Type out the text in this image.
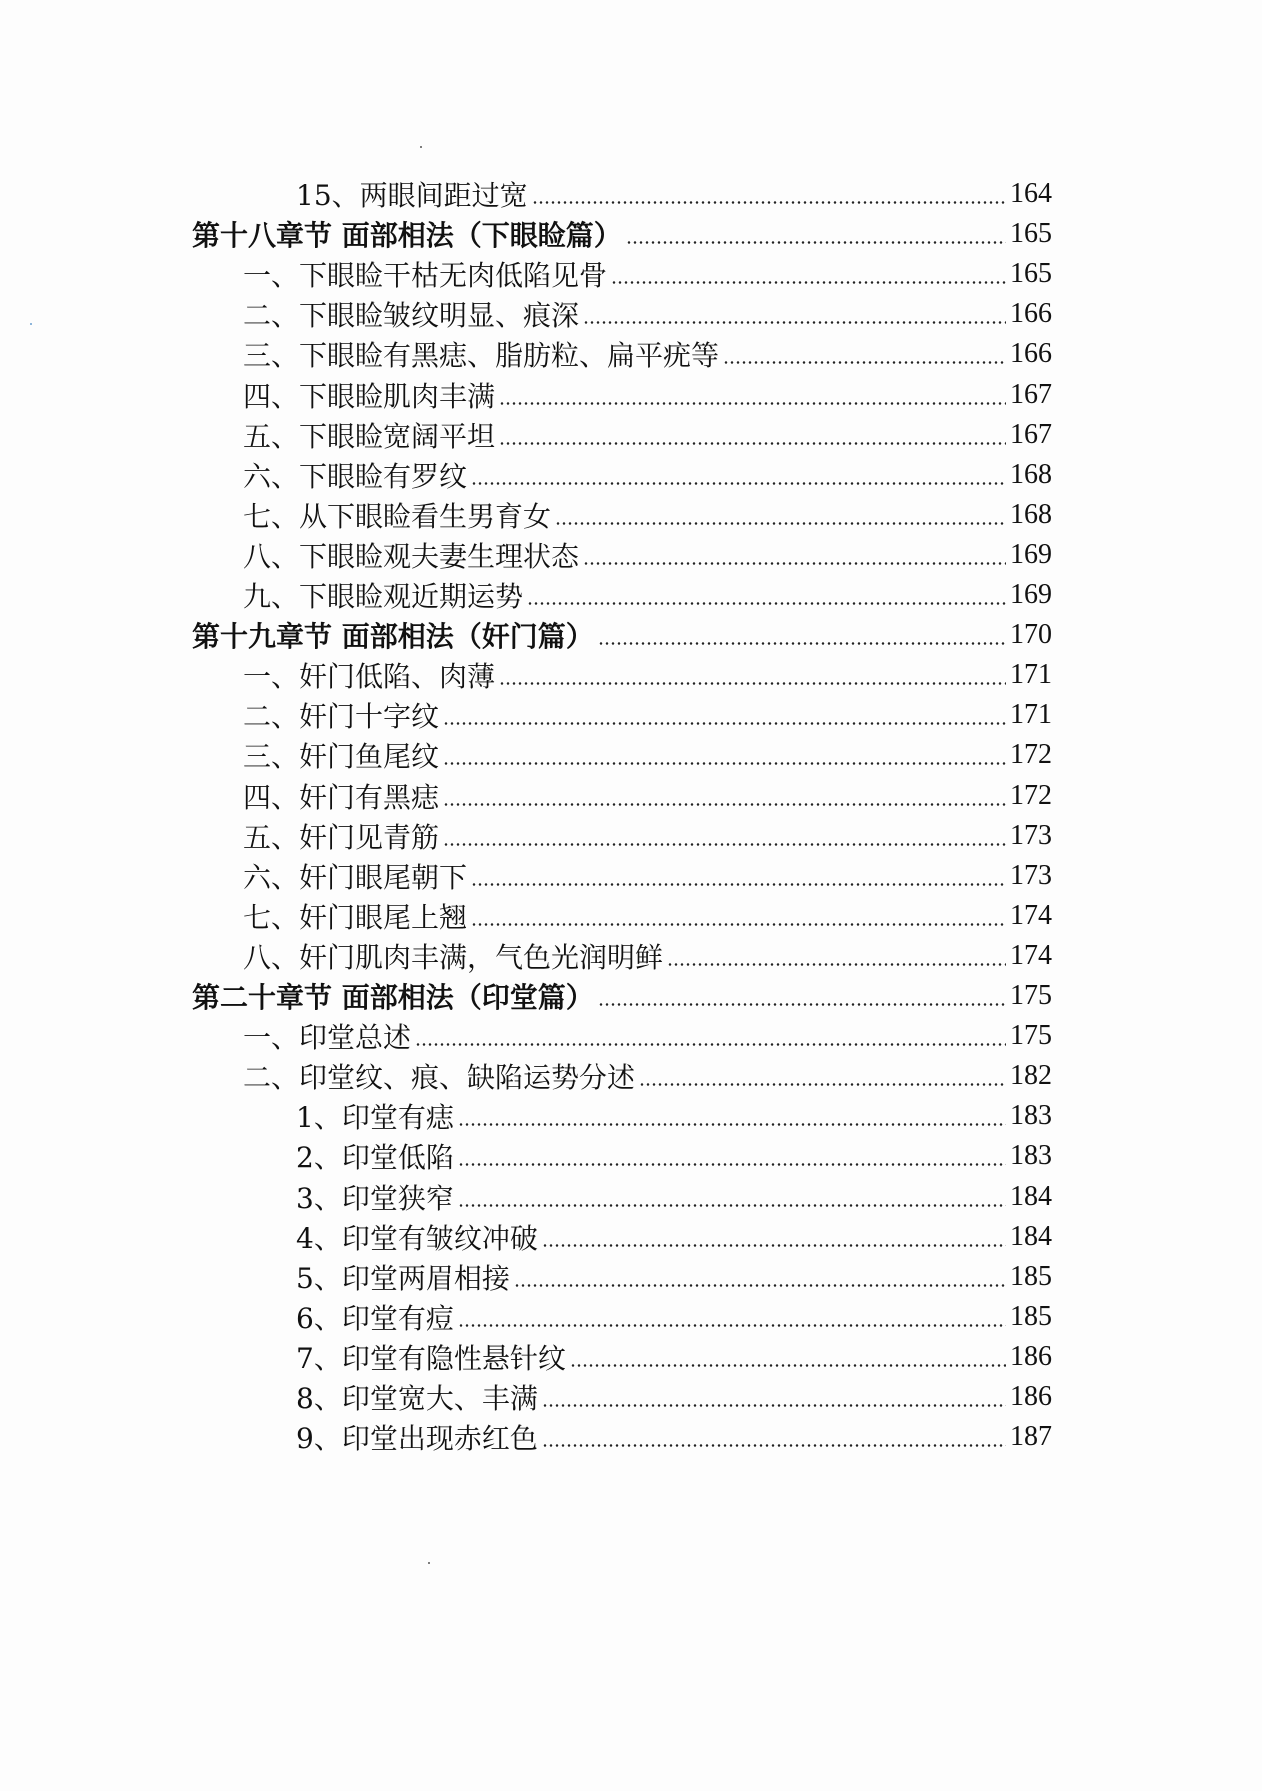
15、两眼间距过宽	164
第十八章节 面部相法（下眼睑篇）	165
一、下眼睑干枯无肉低陷见骨	165
二、下眼睑皱纹明显、痕深	166
三、下眼睑有黑痣、脂肪粒、扁平疣等	166
四、下眼睑肌肉丰满	167
五、下眼睑宽阔平坦	167
六、下眼睑有罗纹	168
七、从下眼睑看生男育女	168
八、下眼睑观夫妻生理状态	169
九、下眼睑观近期运势	169
第十九章节 面部相法（奸门篇）	170
一、奸门低陷、肉薄	171
二、奸门十字纹	171
三、奸门鱼尾纹	172
四、奸门有黑痣	172
五、奸门见青筋	173
六、奸门眼尾朝下	173
七、奸门眼尾上翘	174
八、奸门肌肉丰满，气色光润明鲜	174
第二十章节 面部相法（印堂篇）	175
一、印堂总述	175
二、印堂纹、痕、缺陷运势分述	182
1、印堂有痣	183
2、印堂低陷	183
3、印堂狭窄	184
4、印堂有皱纹冲破	184
5、印堂两眉相接	185
6、印堂有痘	185
7、印堂有隐性悬针纹	186
8、印堂宽大、丰满	186
9、印堂出现赤红色	187
